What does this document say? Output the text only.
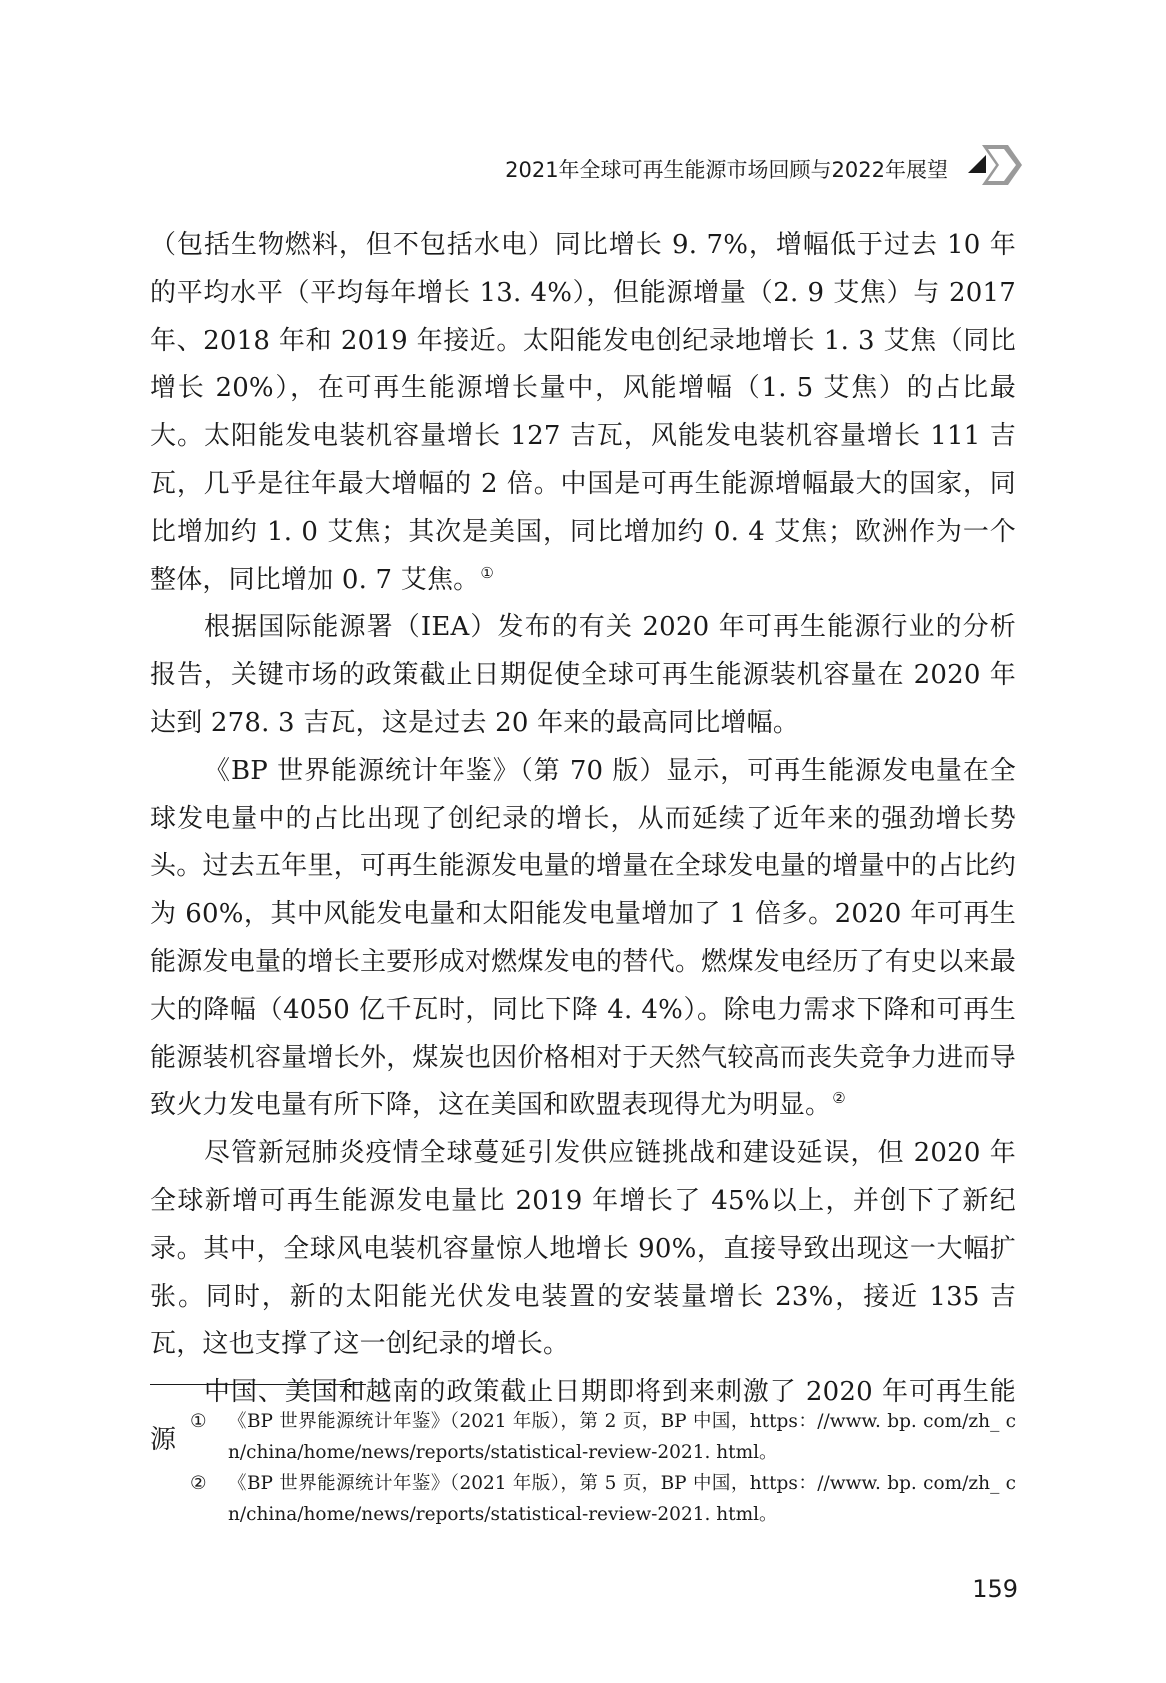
2021年全球可再生能源市场回顾与2022年展望

（包括生物燃料，但不包括水电）同比增长 9. 7%，增幅低于过去 10 年的平均水平（平均每年增长 13. 4%），但能源增量（2. 9 艾焦）与 2017 年、2018 年和 2019 年接近。太阳能发电创纪录地增长 1. 3 艾焦（同比增长 20%），在可再生能源增长量中，风能增幅（1. 5 艾焦）的占比最大。太阳能发电装机容量增长 127 吉瓦，风能发电装机容量增长 111 吉瓦，几乎是往年最大增幅的 2 倍。中国是可再生能源增幅最大的国家，同比增加约 1. 0 艾焦；其次是美国，同比增加约 0. 4 艾焦；欧洲作为一个整体，同比增加 0. 7 艾焦。①

根据国际能源署（IEA）发布的有关 2020 年可再生能源行业的分析报告，关键市场的政策截止日期促使全球可再生能源装机容量在 2020 年达到 278. 3 吉瓦，这是过去 20 年来的最高同比增幅。

《BP 世界能源统计年鉴》（第 70 版）显示，可再生能源发电量在全球发电量中的占比出现了创纪录的增长，从而延续了近年来的强劲增长势头。过去五年里，可再生能源发电量的增量在全球发电量的增量中的占比约为 60%，其中风能发电量和太阳能发电量增加了 1 倍多。2020 年可再生能源发电量的增长主要形成对燃煤发电的替代。燃煤发电经历了有史以来最大的降幅（4050 亿千瓦时，同比下降 4. 4%）。除电力需求下降和可再生能源装机容量增长外，煤炭也因价格相对于天然气较高而丧失竞争力进而导致火力发电量有所下降，这在美国和欧盟表现得尤为明显。②

尽管新冠肺炎疫情全球蔓延引发供应链挑战和建设延误，但 2020 年全球新增可再生能源发电量比 2019 年增长了 45%以上，并创下了新纪录。其中，全球风电装机容量惊人地增长 90%，直接导致出现这一大幅扩张。同时，新的太阳能光伏发电装置的安装量增长 23%，接近 135 吉瓦，这也支撑了这一创纪录的增长。

中国、美国和越南的政策截止日期即将到来刺激了 2020 年可再生能源

① 《BP 世界能源统计年鉴》（2021 年版），第 2 页，BP 中国，https：//www. bp. com/zh_ cn/china/home/news/reports/statistical-review-2021. html。

② 《BP 世界能源统计年鉴》（2021 年版），第 5 页，BP 中国，https：//www. bp. com/zh_ cn/china/home/news/reports/statistical-review-2021. html。

159
